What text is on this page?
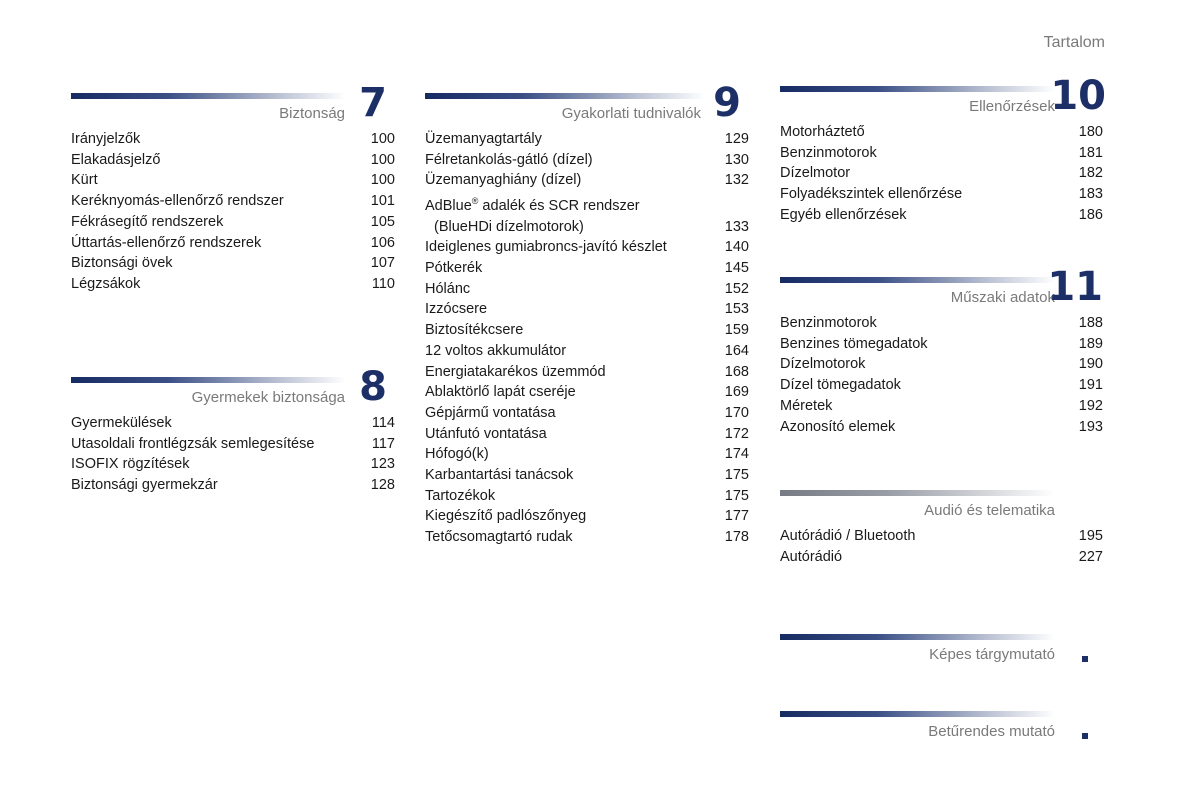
Tartalom
Biztonság 7
Irányjelzők	100
Elakadásjelző	100
Kürt	100
Keréknyomás-ellenőrző rendszer	101
Fékrásegítő rendszerek	105
Úttartás-ellenőrző rendszerek	106
Biztonsági övek	107
Légzsákok	110
Gyermekek biztonsága 8
Gyermekülések	114
Utasoldali frontlégzsák semlegesítése	117
ISOFIX rögzítések	123
Biztonsági gyermekzár	128
Gyakorlati tudnivalók 9
Üzemanyagtartály	129
Félretankolás-gátló (dízel)	130
Üzemanyaghiány (dízel)	132
AdBlue® adalék és SCR rendszer
(BlueHDi dízelmotorok)	133
Ideiglenes gumiabroncs-javító készlet	140
Pótkerék	145
Hólánc	152
Izzócsere	153
Biztosítékcsere	159
12 voltos akkumulátor	164
Energiatakarékos üzemmód	168
Ablaktörlő lapát cseréje	169
Gépjármű vontatása	170
Utánfutó vontatása	172
Hófogó(k)	174
Karbantartási tanácsok	175
Tartozékok	175
Kiegészítő padlószőnyeg	177
Tetőcsomagtartó rudak	178
Ellenőrzések
10
Motorháztető	180
Benzinmotorok	181
Dízelmotor	182
Folyadékszintek ellenőrzése	183
Egyéb ellenőrzések	186
Műszaki adatok
11
Benzinmotorok	188
Benzines tömegadatok	189
Dízelmotorok	190
Dízel tömegadatok	191
Méretek	192
Azonosító elemek	193
Audió és telematika
Autórádió / Bluetooth	195
Autórádió	227
Képes tárgymutató
Betűrendes mutató
